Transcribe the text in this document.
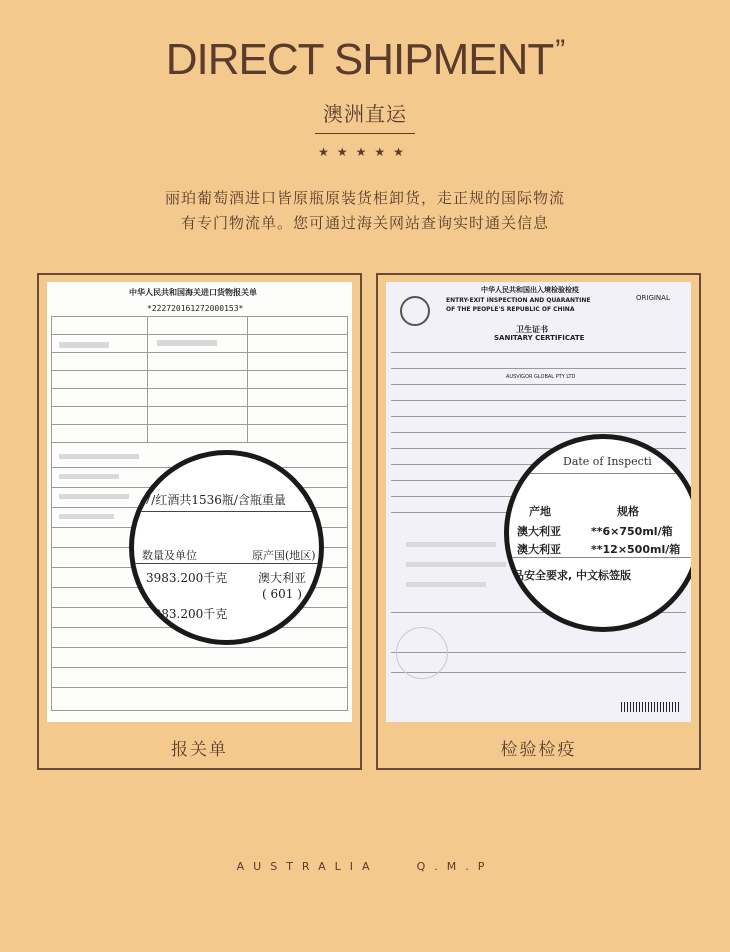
DIRECT SHIPMENT”
澳洲直运
★★★★★
丽珀葡萄酒进口皆原瓶原装货柜卸货，走正规的国际物流
有专门物流单。您可通过海关网站查询实时通关信息
中华人民共和国海关进口货物报关单
*222720161272000153*
07/红酒共1536瓶/含瓶重量
数量及单位	原产国(地区)
3983.200千克	澳大利亚
( 601 )
3983.200千克
报关单
中华人民共和国出入境检验检疫
ENTRY-EXIT INSPECTION AND QUARANTINE
OF THE PEOPLE'S REPUBLIC OF CHINA
ORIGINAL
卫生证书
SANITARY CERTIFICATE
AUSVIGOR GLOBAL PTY LTD
Date of Inspecti
产地	规格
澳大利亚	**6×750ml/箱
澳大利亚	**12×500ml/箱
品安全要求, 中文标签版
检验检疫
AUSTRALIA	Q.M.P
